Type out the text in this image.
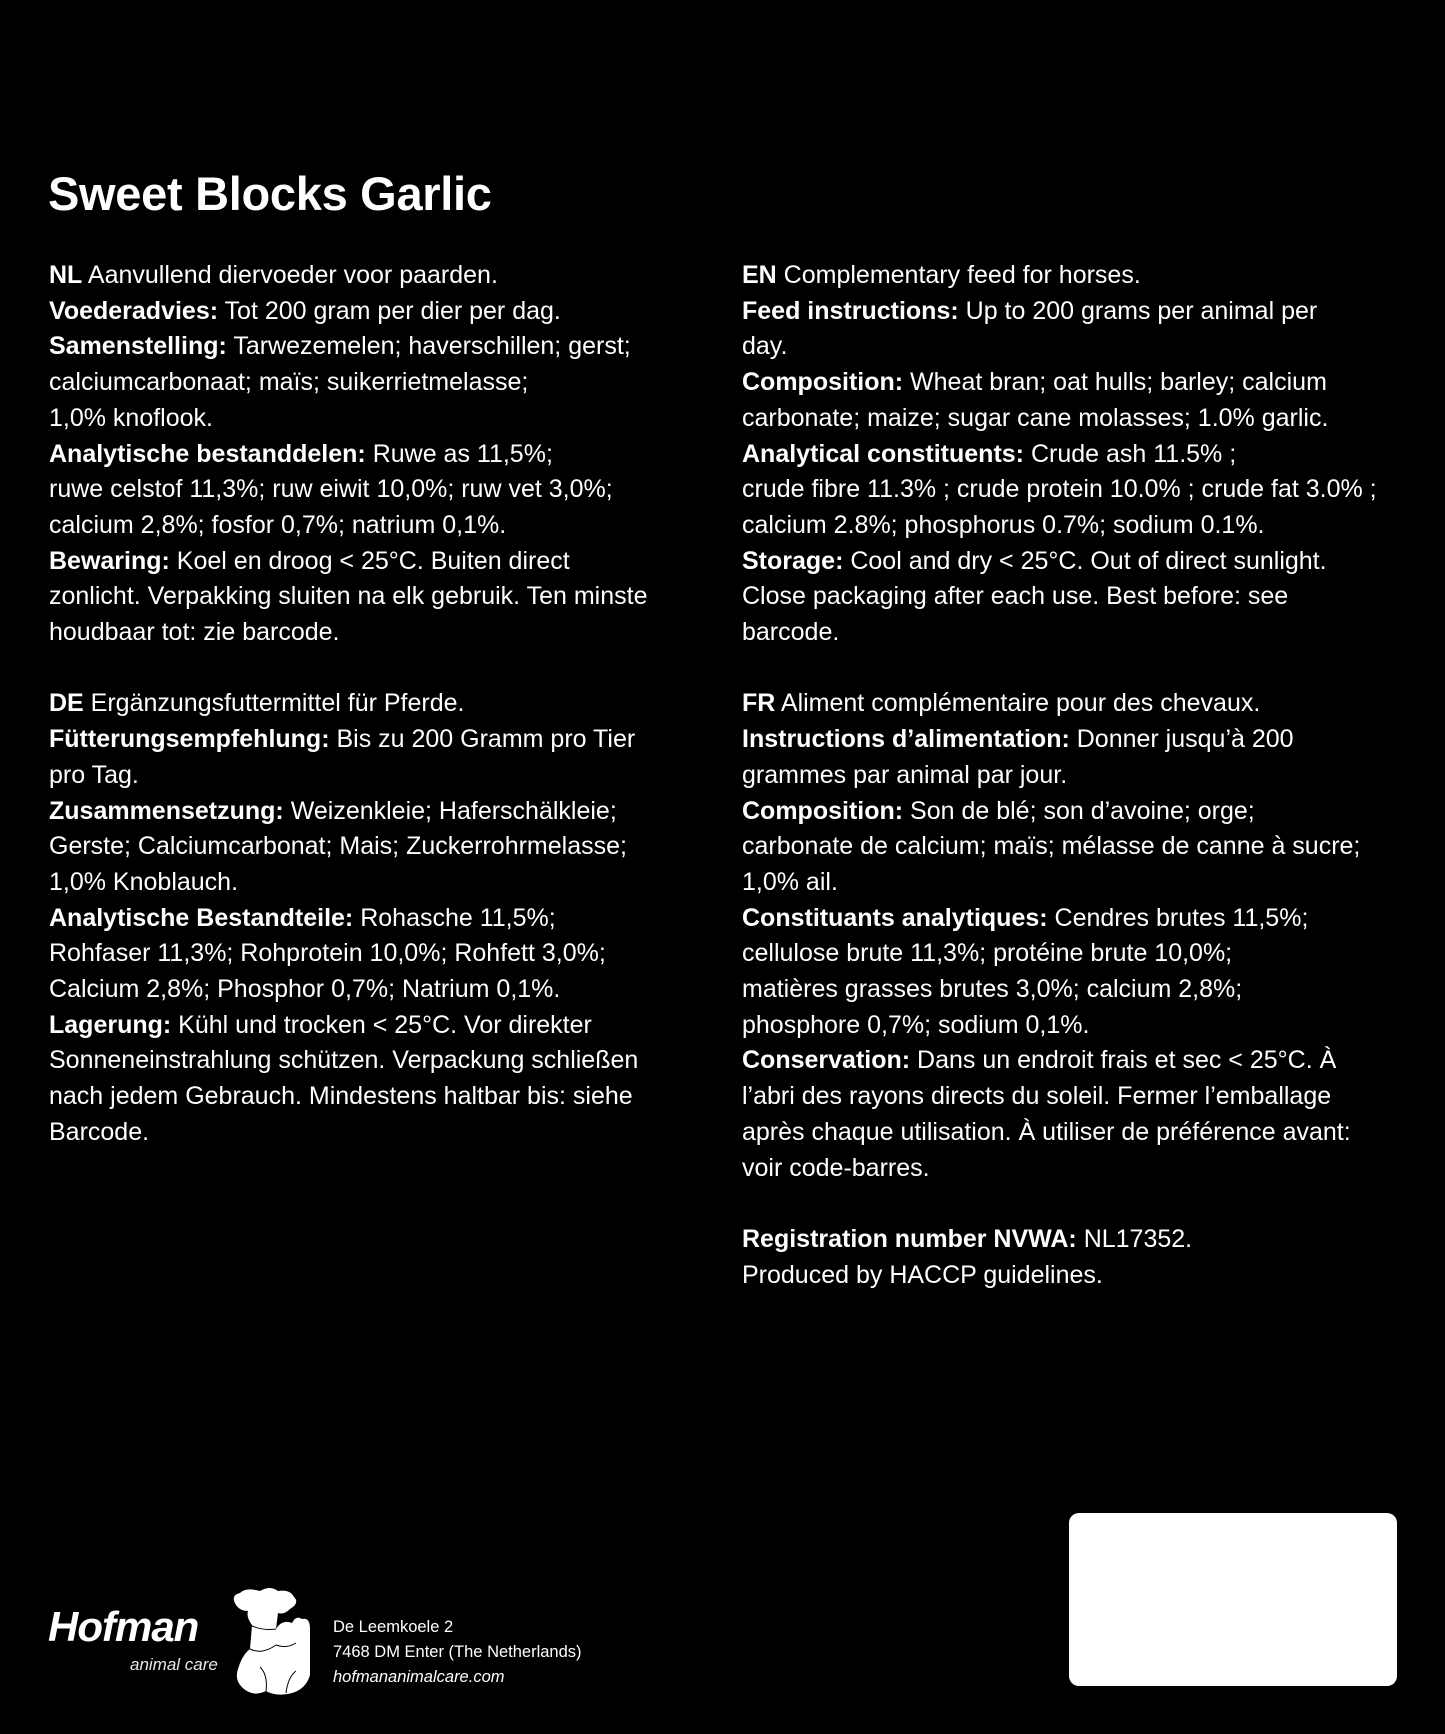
Sweet Blocks Garlic
NL Aanvullend diervoeder voor paarden.
Voederadvies: Tot 200 gram per dier per dag.
Samenstelling: Tarwezemelen; haverschillen; gerst;
calciumcarbonaat; maïs; suikerrietmelasse;
1,0% knoflook.
Analytische bestanddelen: Ruwe as 11,5%;
ruwe celstof 11,3%; ruw eiwit 10,0%; ruw vet 3,0%;
calcium 2,8%; fosfor 0,7%; natrium 0,1%.
Bewaring: Koel en droog < 25°C. Buiten direct
zonlicht. Verpakking sluiten na elk gebruik. Ten minste
houdbaar tot: zie barcode.
DE Ergänzungsfuttermittel für Pferde.
Fütterungsempfehlung: Bis zu 200 Gramm pro Tier
pro Tag.
Zusammensetzung: Weizenkleie; Haferschälkleie;
Gerste; Calciumcarbonat; Mais; Zuckerrohrmelasse;
1,0% Knoblauch.
Analytische Bestandteile: Rohasche 11,5%;
Rohfaser 11,3%; Rohprotein 10,0%; Rohfett 3,0%;
Calcium 2,8%; Phosphor 0,7%; Natrium 0,1%.
Lagerung: Kühl und trocken < 25°C. Vor direkter
Sonneneinstrahlung schützen. Verpackung schließen
nach jedem Gebrauch. Mindestens haltbar bis: siehe
Barcode.
EN Complementary feed for horses.
Feed instructions: Up to 200 grams per animal per
day.
Composition: Wheat bran; oat hulls; barley; calcium
carbonate; maize; sugar cane molasses; 1.0% garlic.
Analytical constituents: Crude ash 11.5% ;
crude fibre 11.3% ; crude protein 10.0% ; crude fat 3.0% ;
calcium 2.8%; phosphorus 0.7%; sodium 0.1%.
Storage: Cool and dry < 25°C. Out of direct sunlight.
Close packaging after each use. Best before: see
barcode.
FR Aliment complémentaire pour des chevaux.
Instructions d’alimentation: Donner jusqu’à 200
grammes par animal par jour.
Composition: Son de blé; son d’avoine; orge;
carbonate de calcium; maïs; mélasse de canne à sucre;
1,0% ail.
Constituants analytiques: Cendres brutes 11,5%;
cellulose brute 11,3%; protéine brute 10,0%;
matières grasses brutes 3,0%; calcium 2,8%;
phosphore 0,7%; sodium 0,1%.
Conservation: Dans un endroit frais et sec < 25°C. À
l’abri des rayons directs du soleil. Fermer l’emballage
après chaque utilisation. À utiliser de préférence avant:
voir code-barres.
Registration number NVWA: NL17352.
Produced by HACCP guidelines.
Hofman
animal care
De Leemkoele 2
7468 DM Enter (The Netherlands)
hofmananimalcare.com
